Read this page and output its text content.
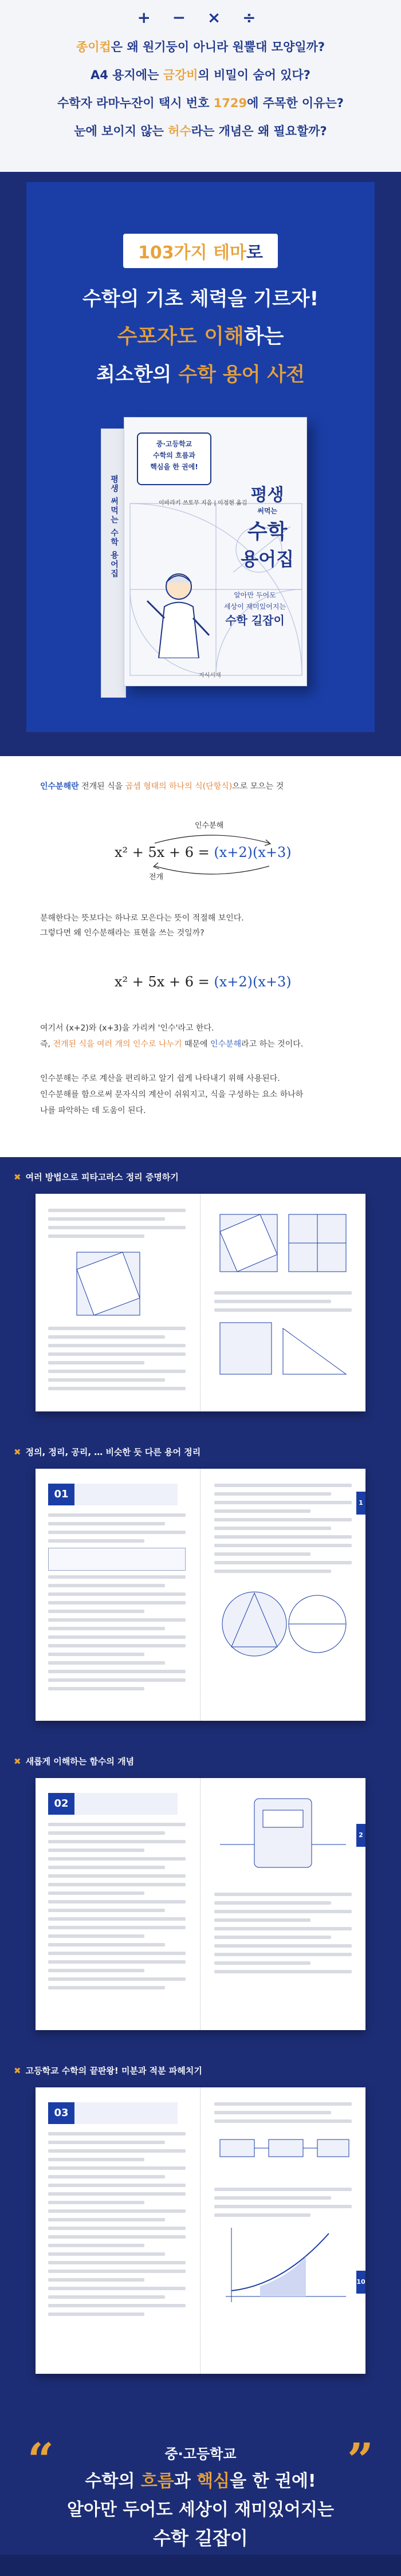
+ − × ÷
종이컵은 왜 원기둥이 아니라 원뿔대 모양일까?
A4 용지에는 금강비의 비밀이 숨어 있다?
수학자 라마누잔이 택시 번호 1729에 주목한 이유는?
눈에 보이지 않는 허수라는 개념은 왜 필요할까?
103가지 테마로
수학의 기초 체력을 기르자!
수포자도 이해하는
최소한의 수학 용어 사전
평생 써먹는 수학 용어집
중·고등학교
수학의 흐름과
핵심을 한 권에!
이바라키 쓰토무 지음 | 이정현 옮김 평생
써먹는
수학
용어집
알아만 두어도
세상이 재미있어지는
수학 길잡이
지식서재
인수분해란 전개된 식을 곱셈 형태의 하나의 식(단항식)으로 모으는 것
인수분해
x² + 5x + 6 = (x+2)(x+3)
전개

분해한다는 뜻보다는 하나로 모은다는 뜻이 적절해 보인다.

그렇다면 왜 인수분해라는 표현을 쓰는 것일까?

x² + 5x + 6 = (x+2)(x+3)

여기서 (x+2)와 (x+3)을 가리켜 '인수'라고 한다.

즉, 전개된 식을 여러 개의 인수로 나누기 때문에 인수분해라고 하는 것이다.

인수분해는 주로 계산을 편리하고 알기 쉽게 나타내기 위해 사용된다.

인수분해를 함으로써 문자식의 계산이 쉬워지고, 식을 구성하는 요소 하나하

나를 파악하는 데 도움이 된다.

✖ 여러 방법으로 피타고라스 정리 증명하기
✖ 정의, 정리, 공리, … 비슷한 듯 다른 용어 정리
01
1
✖ 새롭게 이해하는 함수의 개념
02
2
✖ 고등학교 수학의 끝판왕! 미분과 적분 파헤치기
03
10
“	”
중·고등학교
수학의 흐름과 핵심을 한 권에!
알아만 두어도 세상이 재미있어지는
수학 길잡이
